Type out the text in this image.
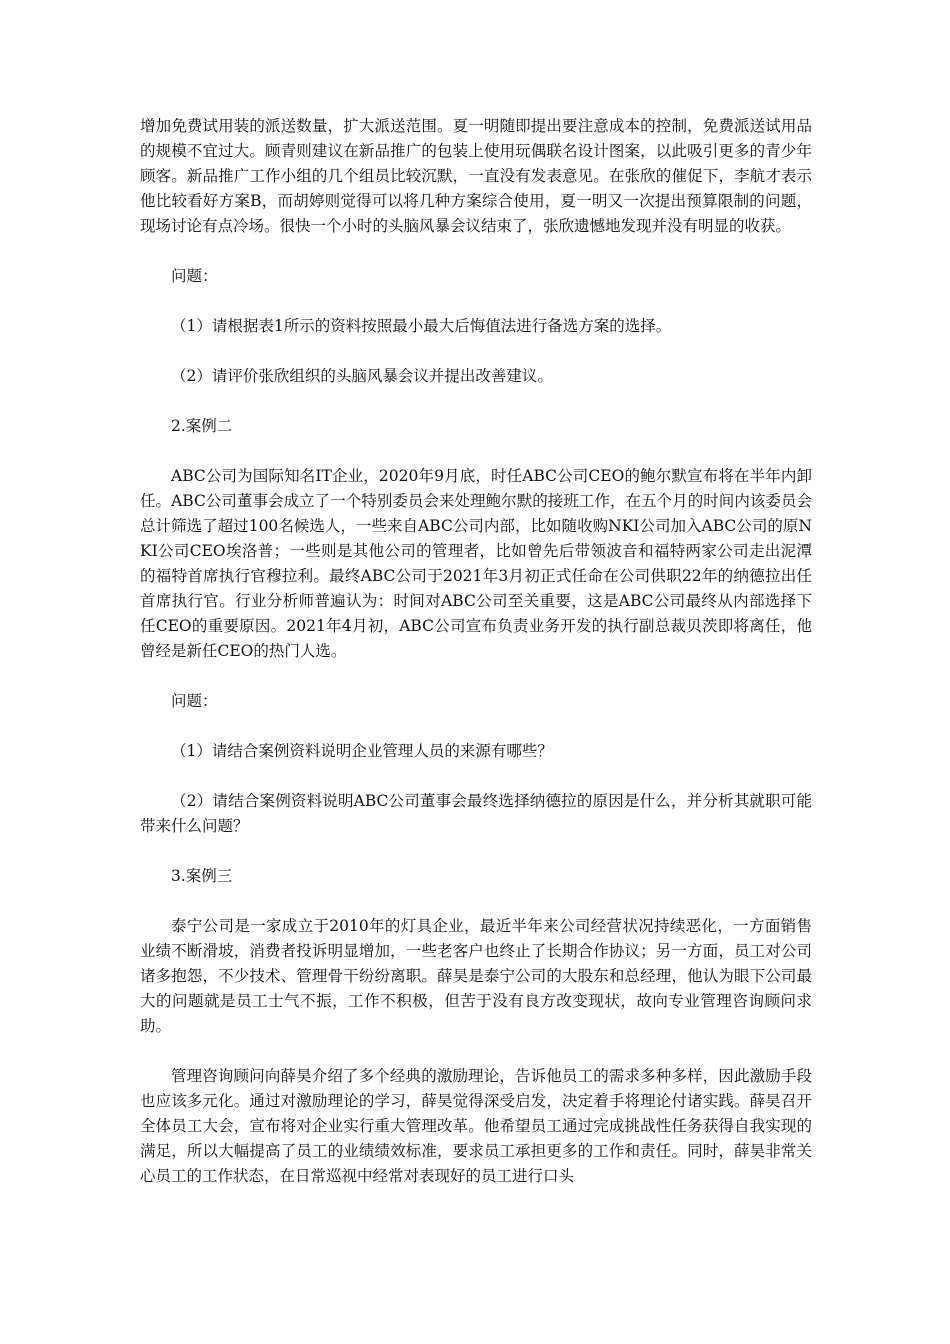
增加免费试用装的派送数量，扩大派送范围。夏一明随即提出要注意成本的控制，免费派送试用品的规模不宜过大。顾青则建议在新品推广的包装上使用玩偶联名设计图案，以此吸引更多的青少年顾客。新品推广工作小组的几个组员比较沉默，一直没有发表意见。在张欣的催促下，李航才表示他比较看好方案B，而胡婷则觉得可以将几种方案综合使用，夏一明又一次提出预算限制的问题，现场讨论有点冷场。很快一个小时的头脑风暴会议结束了，张欣遗憾地发现并没有明显的收获。

问题：

（1）请根据表1所示的资料按照最小最大后悔值法进行备选方案的选择。

（2）请评价张欣组织的头脑风暴会议并提出改善建议。

2.案例二

ABC公司为国际知名IT企业，2020年9月底，时任ABC公司CEO的鲍尔默宣布将在半年内卸任。ABC公司董事会成立了一个特别委员会来处理鲍尔默的接班工作，在五个月的时间内该委员会总计筛选了超过100名候选人，一些来自ABC公司内部，比如随收购NKI公司加入ABC公司的原NKI公司CEO埃洛普；一些则是其他公司的管理者，比如曾先后带领波音和福特两家公司走出泥潭的福特首席执行官穆拉利。最终ABC公司于2021年3月初正式任命在公司供职22年的纳德拉出任首席执行官。行业分析师普遍认为：时间对ABC公司至关重要，这是ABC公司最终从内部选择下任CEO的重要原因。2021年4月初，ABC公司宣布负责业务开发的执行副总裁贝茨即将离任，他曾经是新任CEO的热门人选。

问题：

（1）请结合案例资料说明企业管理人员的来源有哪些？

（2）请结合案例资料说明ABC公司董事会最终选择纳德拉的原因是什么，并分析其就职可能带来什么问题？

3.案例三

泰宁公司是一家成立于2010年的灯具企业，最近半年来公司经营状况持续恶化，一方面销售业绩不断滑坡，消费者投诉明显增加，一些老客户也终止了长期合作协议；另一方面，员工对公司诸多抱怨，不少技术、管理骨干纷纷离职。薛昊是泰宁公司的大股东和总经理，他认为眼下公司最大的问题就是员工士气不振，工作不积极，但苦于没有良方改变现状，故向专业管理咨询顾问求助。

管理咨询顾问向薛昊介绍了多个经典的激励理论，告诉他员工的需求多种多样，因此激励手段也应该多元化。通过对激励理论的学习，薛昊觉得深受启发，决定着手将理论付诸实践。薛昊召开全体员工大会，宣布将对企业实行重大管理改革。他希望员工通过完成挑战性任务获得自我实现的满足，所以大幅提高了员工的业绩绩效标准，要求员工承担更多的工作和责任。同时，薛昊非常关心员工的工作状态，在日常巡视中经常对表现好的员工进行口头
